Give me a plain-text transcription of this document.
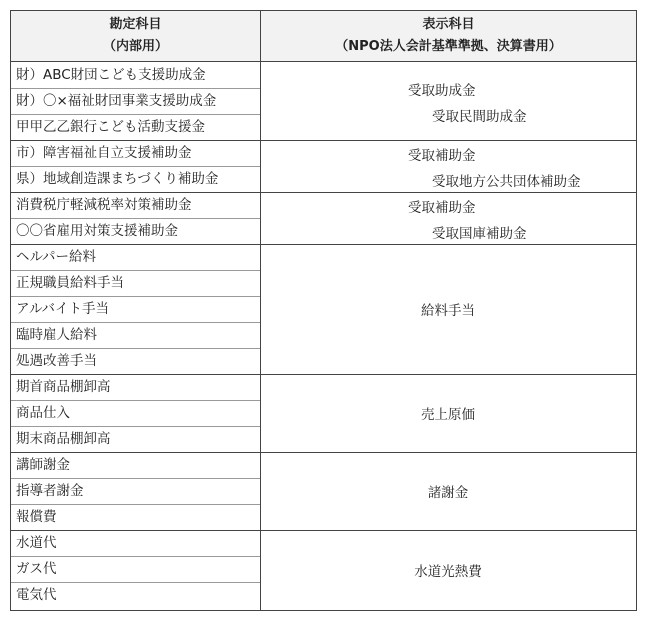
勘定科目
（内部用）
表示科目
（NPO法人会計基準準拠、決算書用）
財）ABC財団こども支援助成金
財）〇×福祉財団事業支援助成金
甲甲乙乙銀行こども活動支援金
受取助成金
受取民間助成金
市）障害福祉自立支援補助金
県）地域創造課まちづくり補助金
受取補助金
受取地方公共団体補助金
消費税庁軽減税率対策補助金
〇〇省雇用対策支援補助金
受取補助金
受取国庫補助金
ヘルパー給料
正規職員給料手当
アルバイト手当
臨時雇人給料
処遇改善手当
給料手当
期首商品棚卸高
商品仕入
期末商品棚卸高
売上原価
講師謝金
指導者謝金
報償費
諸謝金
水道代
ガス代
電気代
水道光熱費
